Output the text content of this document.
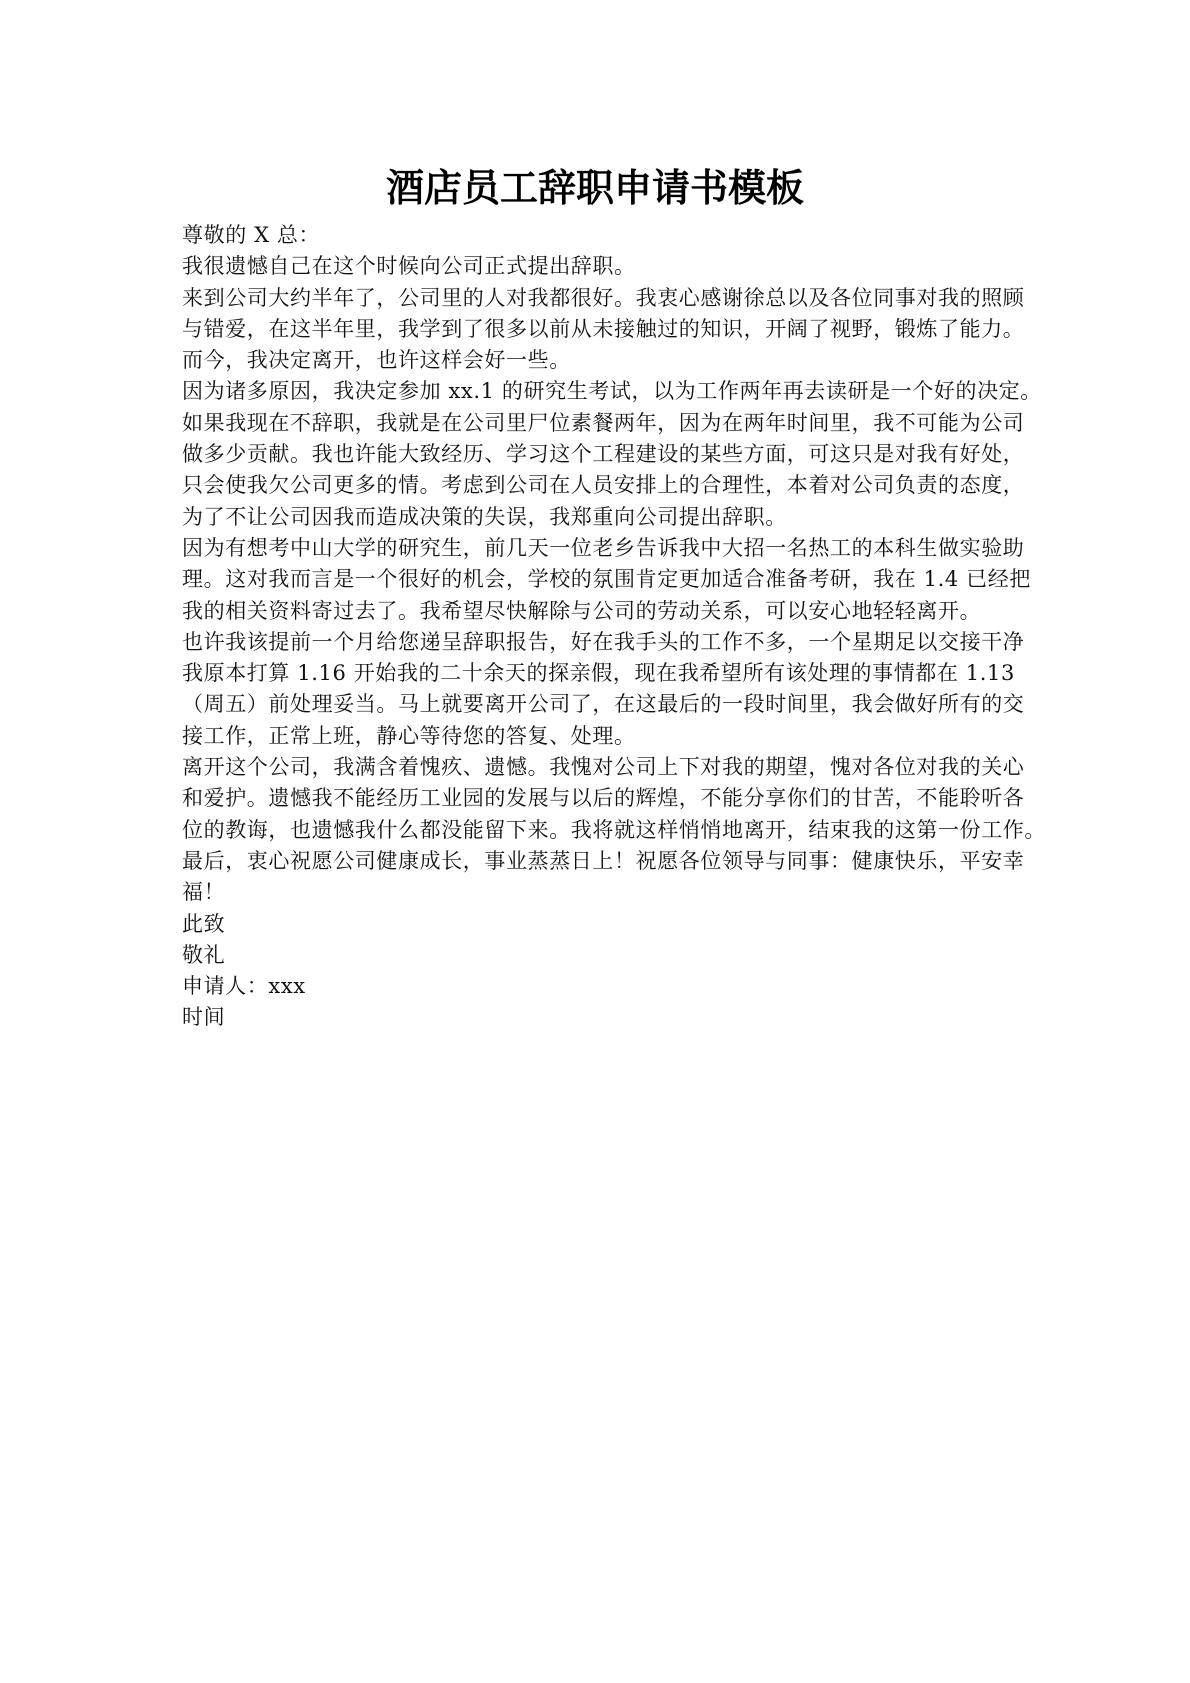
酒店员工辞职申请书模板
尊敬的 X 总：
我很遗憾自己在这个时候向公司正式提出辞职。
来到公司大约半年了，公司里的人对我都很好。我衷心感谢徐总以及各位同事对我的照顾
与错爱，在这半年里，我学到了很多以前从未接触过的知识，开阔了视野，锻炼了能力。
而今，我决定离开，也许这样会好一些。
因为诸多原因，我决定参加 xx.1 的研究生考试，以为工作两年再去读研是一个好的决定。
如果我现在不辞职，我就是在公司里尸位素餐两年，因为在两年时间里，我不可能为公司
做多少贡献。我也许能大致经历、学习这个工程建设的某些方面，可这只是对我有好处，
只会使我欠公司更多的情。考虑到公司在人员安排上的合理性，本着对公司负责的态度，
为了不让公司因我而造成决策的失误，我郑重向公司提出辞职。
因为有想考中山大学的研究生，前几天一位老乡告诉我中大招一名热工的本科生做实验助
理。这对我而言是一个很好的机会，学校的氛围肯定更加适合准备考研，我在 1.4 已经把
我的相关资料寄过去了。我希望尽快解除与公司的劳动关系，可以安心地轻轻离开。
也许我该提前一个月给您递呈辞职报告，好在我手头的工作不多，一个星期足以交接干净
我原本打算 1.16 开始我的二十余天的探亲假，现在我希望所有该处理的事情都在 1.13
（周五）前处理妥当。马上就要离开公司了，在这最后的一段时间里，我会做好所有的交
接工作，正常上班，静心等待您的答复、处理。
离开这个公司，我满含着愧疚、遗憾。我愧对公司上下对我的期望，愧对各位对我的关心
和爱护。遗憾我不能经历工业园的发展与以后的辉煌，不能分享你们的甘苦，不能聆听各
位的教诲，也遗憾我什么都没能留下来。我将就这样悄悄地离开，结束我的这第一份工作。
最后，衷心祝愿公司健康成长，事业蒸蒸日上！祝愿各位领导与同事：健康快乐，平安幸
福！
此致
敬礼
申请人：xxx
时间
